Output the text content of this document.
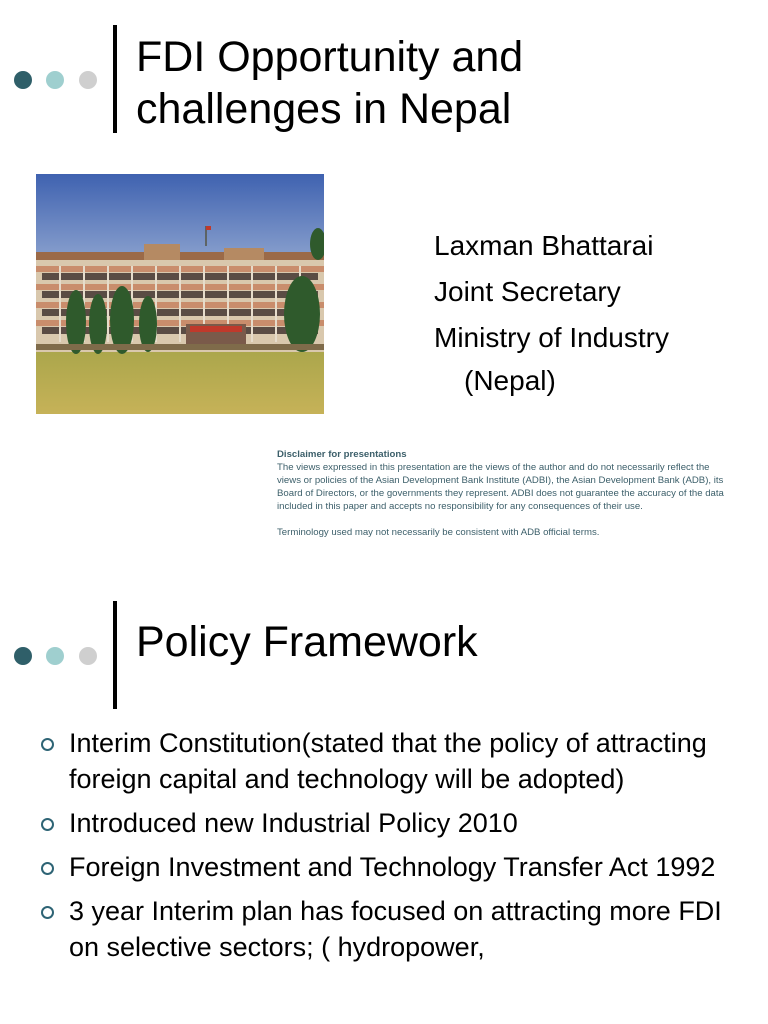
FDI Opportunity and
challenges in Nepal
Laxman Bhattarai
Joint Secretary
Ministry of Industry
(Nepal)
Disclaimer for presentations
The views expressed in this presentation are the views of the author and do not necessarily reflect the views or policies of the Asian Development Bank Institute (ADBI), the Asian Development Bank (ADB), its Board of Directors, or the governments they represent. ADBI does not guarantee the accuracy of the data included in this paper and accepts no responsibility for any consequences of their use.
Terminology used may not necessarily be consistent with ADB official terms.
Policy Framework
Interim Constitution(stated that the policy of attracting foreign capital and technology will be adopted)
Introduced new Industrial Policy 2010
Foreign Investment and Technology Transfer Act 1992
3 year Interim plan has focused on attracting more FDI on selective sectors; ( hydropower,
